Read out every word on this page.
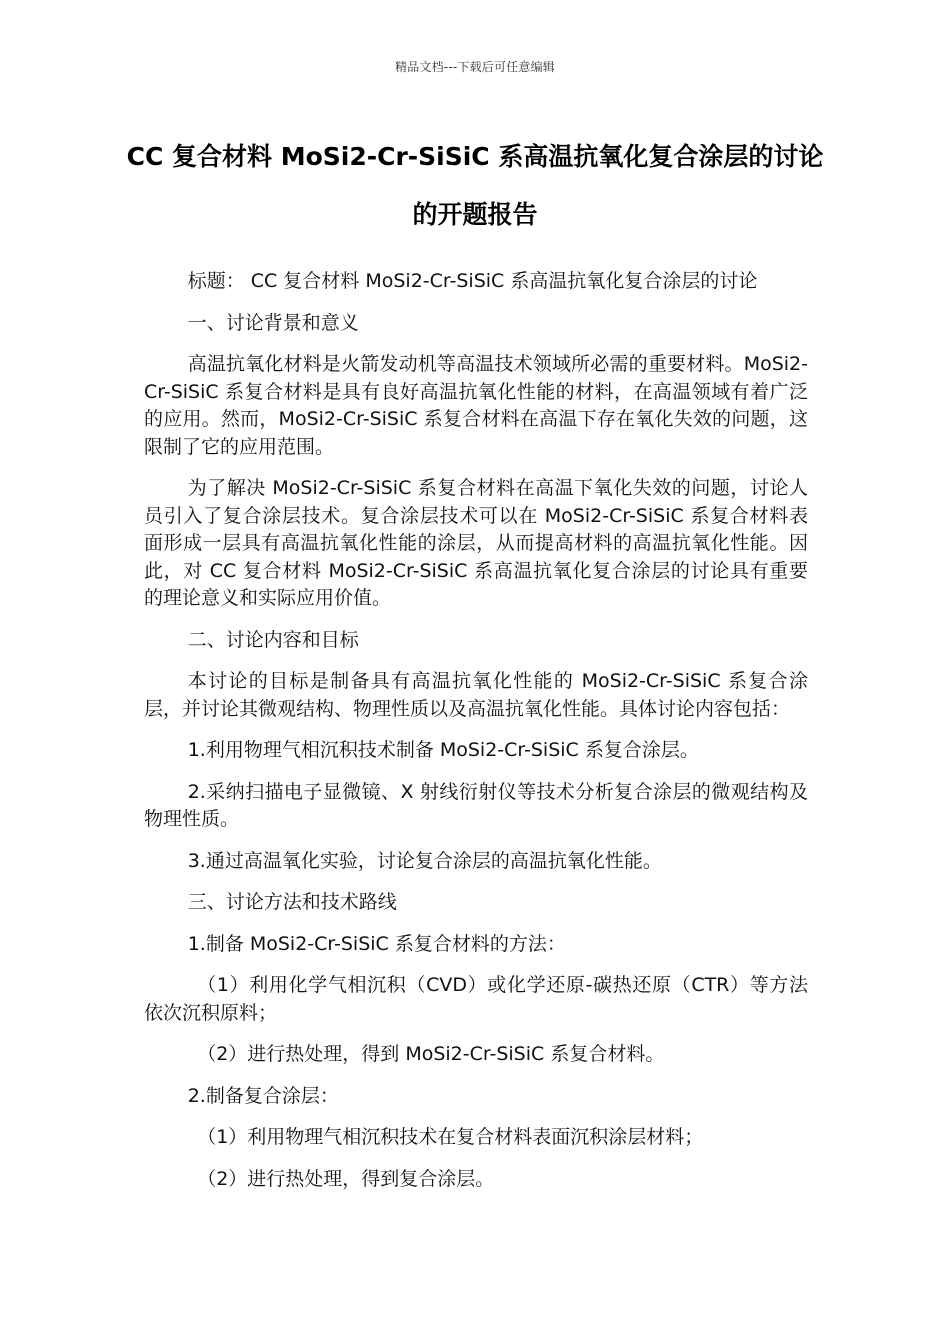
精品文档---下载后可任意编辑
CC 复合材料 MoSi2-Cr-SiSiC 系高温抗氧化复合涂层的讨论的开题报告

标题： CC 复合材料 MoSi2-Cr-SiSiC 系高温抗氧化复合涂层的讨论

一、讨论背景和意义

高温抗氧化材料是火箭发动机等高温技术领域所必需的重要材料。MoSi2-Cr-SiSiC 系复合材料是具有良好高温抗氧化性能的材料，在高温领域有着广泛的应用。然而，MoSi2-Cr-SiSiC 系复合材料在高温下存在氧化失效的问题，这限制了它的应用范围。

为了解决 MoSi2-Cr-SiSiC 系复合材料在高温下氧化失效的问题，讨论人员引入了复合涂层技术。复合涂层技术可以在 MoSi2-Cr-SiSiC 系复合材料表面形成一层具有高温抗氧化性能的涂层，从而提高材料的高温抗氧化性能。因此，对 CC 复合材料 MoSi2-Cr-SiSiC 系高温抗氧化复合涂层的讨论具有重要的理论意义和实际应用价值。

二、讨论内容和目标

本讨论的目标是制备具有高温抗氧化性能的 MoSi2-Cr-SiSiC 系复合涂层，并讨论其微观结构、物理性质以及高温抗氧化性能。具体讨论内容包括：

1.利用物理气相沉积技术制备 MoSi2-Cr-SiSiC 系复合涂层。

2.采纳扫描电子显微镜、X 射线衍射仪等技术分析复合涂层的微观结构及物理性质。

3.通过高温氧化实验，讨论复合涂层的高温抗氧化性能。

三、讨论方法和技术路线

1.制备 MoSi2-Cr-SiSiC 系复合材料的方法：

（1）利用化学气相沉积（CVD）或化学还原-碳热还原（CTR）等方法依次沉积原料；

（2）进行热处理，得到 MoSi2-Cr-SiSiC 系复合材料。

2.制备复合涂层：

（1）利用物理气相沉积技术在复合材料表面沉积涂层材料；

（2）进行热处理，得到复合涂层。
